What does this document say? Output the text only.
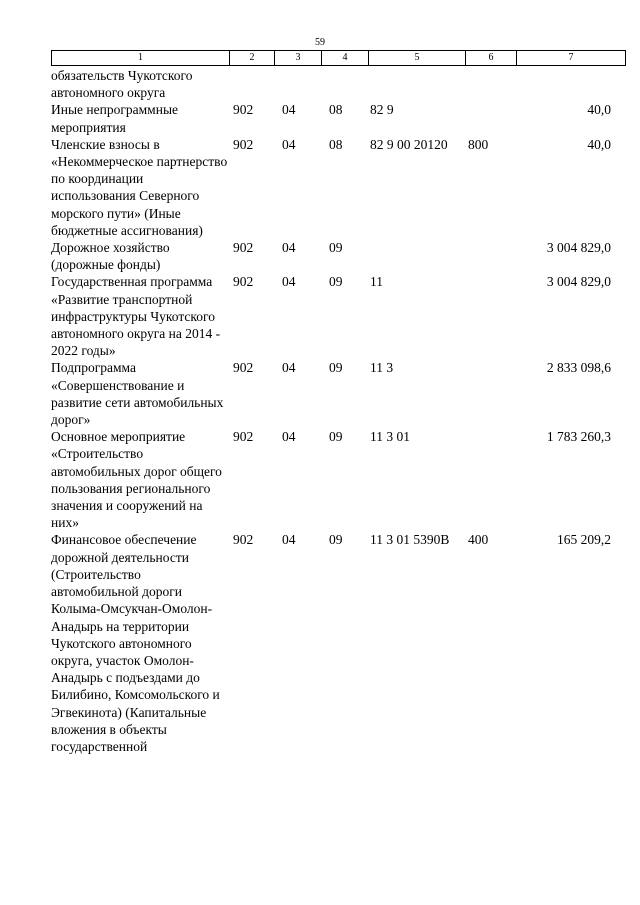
59
1	2	3	4	5	6	7
обязательств Чукотского автономного округа						
Иные непрограммные мероприятия	902	04	08	82 9		40,0
Членские взносы в «Некоммерческое партнерство по координации использования Северного морского пути» (Иные бюджетные ассигнования)	902	04	08	82 9 00 20120	800	40,0
Дорожное хозяйство (дорожные фонды)	902	04	09			3 004 829,0
Государственная программа «Развитие транспортной инфраструктуры Чукотского автономного округа на 2014 - 2022 годы»	902	04	09	11		3 004 829,0
Подпрограмма «Совершенствование и развитие сети автомобильных дорог»	902	04	09	11 3		2 833 098,6
Основное мероприятие «Строительство автомобильных дорог общего пользования регионального значения и сооружений на них»	902	04	09	11 3 01		1 783 260,3
Финансовое обеспечение дорожной деятельности (Строительство автомобильной дороги Колыма-Омсукчан-Омолон-Анадырь на территории Чукотского автономного округа, участок Омолон-Анадырь с подъездами до Билибино, Комсомольского и Эгвекинота) (Капитальные вложения в объекты государственной	902	04	09	11 3 01 5390В	400	165 209,2
